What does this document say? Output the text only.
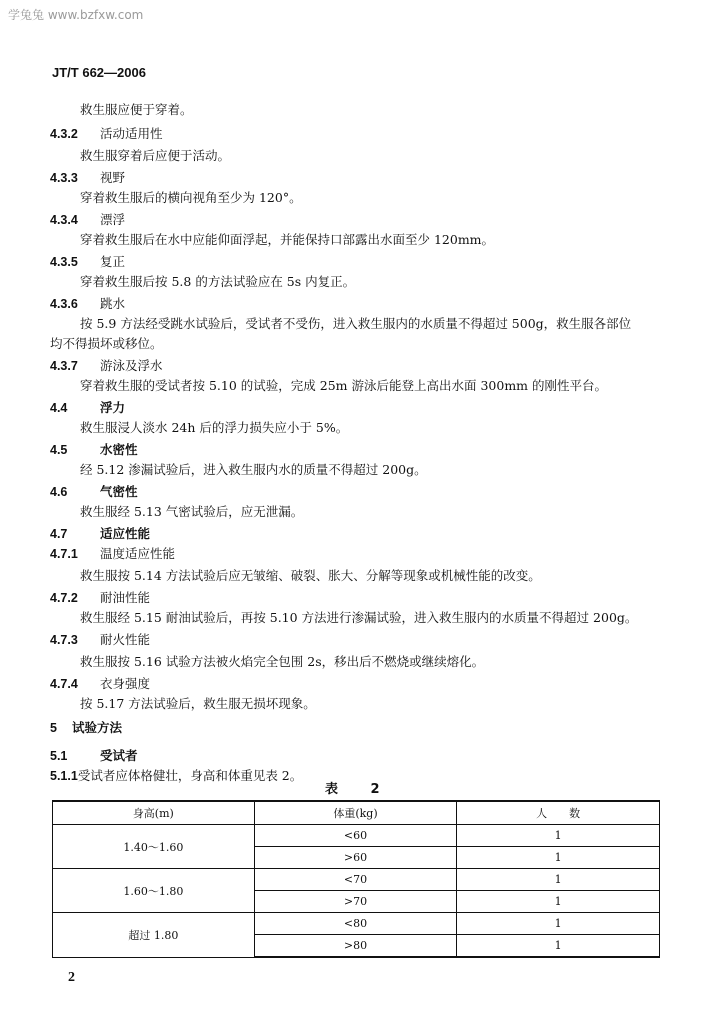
学兔兔 www.bzfxw.com
JT/T 662—2006
救生服应便于穿着。
4.3.2 活动适用性
救生服穿着后应便于活动。
4.3.3 视野
穿着救生服后的横向视角至少为 120°。
4.3.4 漂浮
穿着救生服后在水中应能仰面浮起，并能保持口部露出水面至少 120mm。
4.3.5 复正
穿着救生服后按 5.8 的方法试验应在 5s 内复正。
4.3.6 跳水
按 5.9 方法经受跳水试验后，受试者不受伤，进入救生服内的水质量不得超过 500g，救生服各部位
均不得损坏或移位。
4.3.7 游泳及浮水
穿着救生服的受试者按 5.10 的试验，完成 25m 游泳后能登上高出水面 300mm 的刚性平台。
4.4	浮力
救生服浸人淡水 24h 后的浮力损失应小于 5%。
4.5	水密性
经 5.12 渗漏试验后，进入救生服内水的质量不得超过 200g。
4.6	气密性
救生服经 5.13 气密试验后，应无泄漏。
4.7	适应性能
4.7.1 温度适应性能
救生服按 5.14 方法试验后应无皱缩、破裂、胀大、分解等现象或机械性能的改变。
4.7.2 耐油性能
救生服经 5.15 耐油试验后，再按 5.10 方法进行渗漏试验，进入救生服内的水质量不得超过 200g。
4.7.3 耐火性能
救生服按 5.16 试验方法被火焰完全包围 2s，移出后不燃烧或继续熔化。
4.7.4 衣身强度
按 5.17 方法试验后，救生服无损坏现象。
5 试验方法
5.1	受试者
5.1.1受试者应体格健壮，身高和体重见表 2。
表 2
身高(m)	体重(kg)	人　　数
1.40～1.60	<60	1
	>60	1
1.60～1.80	<70	1
	>70	1
超过 1.80	<80	1
	>80	1
2
